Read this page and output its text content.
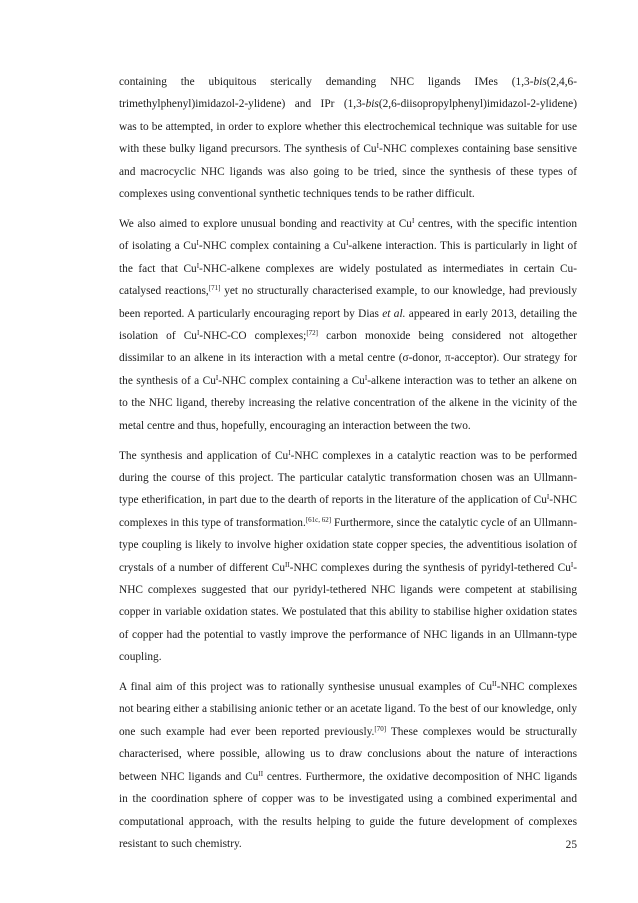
containing the ubiquitous sterically demanding NHC ligands IMes (1,3-bis(2,4,6-trimethylphenyl)imidazol-2-ylidene) and IPr (1,3-bis(2,6-diisopropylphenyl)imidazol-2-ylidene) was to be attempted, in order to explore whether this electrochemical technique was suitable for use with these bulky ligand precursors. The synthesis of $Cu^I$-NHC complexes containing base sensitive and macrocyclic NHC ligands was also going to be tried, since the synthesis of these types of complexes using conventional synthetic techniques tends to be rather difficult.

We also aimed to explore unusual bonding and reactivity at $Cu^I$ centres, with the specific intention of isolating a $Cu^I$-NHC complex containing a $Cu^I$-alkene interaction. This is particularly in light of the fact that $Cu^I-NHC$-alkene complexes are widely postulated as intermediates in certain Cu-catalysed reactions,[71] yet no structurally characterised example, to our knowledge, had previously been reported. A particularly encouraging report by Dias et al. appeared in early 2013, detailing the isolation of $Cu^I-NHC-CO$ complexes;[72] carbon monoxide being considered not altogether dissimilar to an alkene in its interaction with a metal centre (σ-donor, π-acceptor). Our strategy for the synthesis of a $Cu^I$-NHC complex containing a $Cu^I$-alkene interaction was to tether an alkene on to the NHC ligand, thereby increasing the relative concentration of the alkene in the vicinity of the metal centre and thus, hopefully, encouraging an interaction between the two.

The synthesis and application of $Cu^I$-NHC complexes in a catalytic reaction was to be performed during the course of this project. The particular catalytic transformation chosen was an Ullmann-type etherification, in part due to the dearth of reports in the literature of the application of $Cu^I$-NHC complexes in this type of transformation.[61c, 62] Furthermore, since the catalytic cycle of an Ullmann-type coupling is likely to involve higher oxidation state copper species, the adventitious isolation of crystals of a number of different $Cu^{II}$-NHC complexes during the synthesis of pyridyl-tethered $Cu^I$-NHC complexes suggested that our pyridyl-tethered NHC ligands were competent at stabilising copper in variable oxidation states. We postulated that this ability to stabilise higher oxidation states of copper had the potential to vastly improve the performance of NHC ligands in an Ullmann-type coupling.

A final aim of this project was to rationally synthesise unusual examples of $Cu^{II}$-NHC complexes not bearing either a stabilising anionic tether or an acetate ligand. To the best of our knowledge, only one such example had ever been reported previously.[70] These complexes would be structurally characterised, where possible, allowing us to draw conclusions about the nature of interactions between NHC ligands and $Cu^{II}$ centres. Furthermore, the oxidative decomposition of NHC ligands in the coordination sphere of copper was to be investigated using a combined experimental and computational approach, with the results helping to guide the future development of complexes resistant to such chemistry.	25
